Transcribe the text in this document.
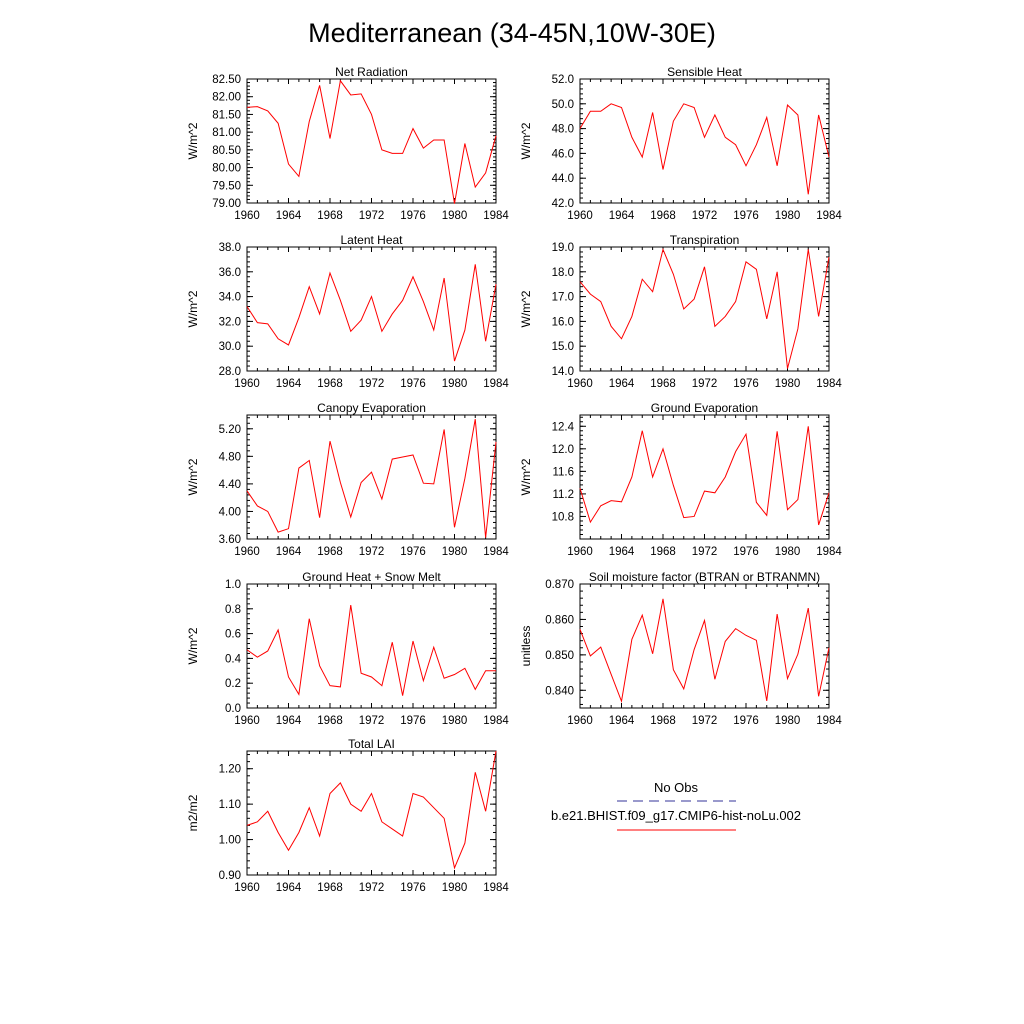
Mediterranean (34-45N,10W-30E)
Net Radiation
W/m^2
1960 1964 1968 1972 1976 1980 1984
79.00
79.50
80.00
80.50
81.00
81.50
82.00
82.50
Sensible Heat
W/m^2
1960 1964 1968 1972 1976 1980 1984
42.0
44.0
46.0
48.0
50.0
52.0
Latent Heat
W/m^2
1960 1964 1968 1972 1976 1980 1984
28.0
30.0
32.0
34.0
36.0
38.0
Transpiration
W/m^2
1960 1964 1968 1972 1976 1980 1984
14.0
15.0
16.0
17.0
18.0
19.0
Canopy Evaporation
W/m^2
1960 1964 1968 1972 1976 1980 1984
3.60
4.00
4.40
4.80
5.20
Ground Evaporation
W/m^2
1960 1964 1968 1972 1976 1980 1984
10.8
11.2
11.6
12.0
12.4
Ground Heat + Snow Melt
W/m^2
1960 1964 1968 1972 1976 1980 1984
0.0
0.2
0.4
0.6
0.8
1.0
Soil moisture factor (BTRAN or BTRANMN)
unitless
1960 1964 1968 1972 1976 1980 1984
0.840
0.850
0.860
0.870
Total LAI
m2/m2
1960 1964 1968 1972 1976 1980 1984
0.90
1.00
1.10
1.20
No Obs
b.e21.BHIST.f09_g17.CMIP6-hist-noLu.002
